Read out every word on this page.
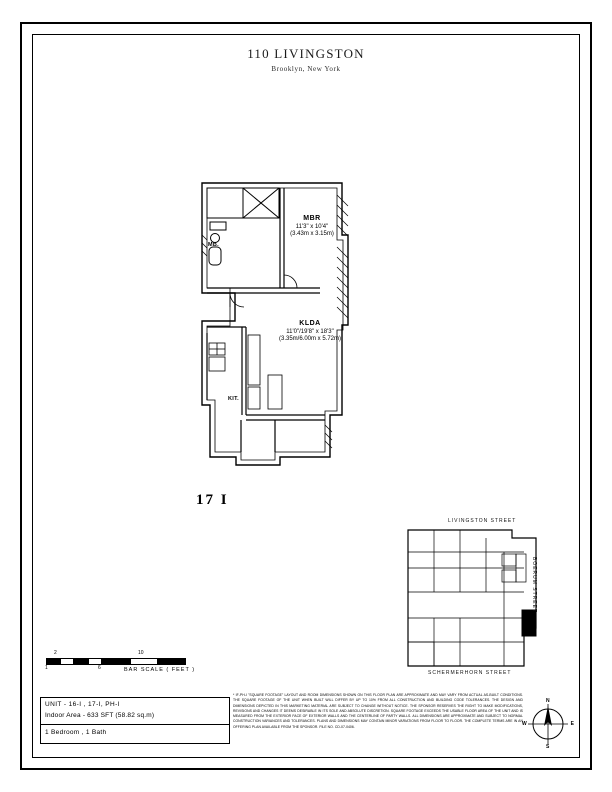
110 LIVINGSTON
Brooklyn, New York
MBR
11'3" x 10'4"
(3.43m x 3.15m)
KLDA
11'0"/19'8" x 18'3"
(3.35m/6.00m x 5.72m)
MB.
KIT.
17 I
2	10
1	6	BAR SCALE ( FEET )
LIVINGSTON STREET
BOERUM STREET
SCHERMERHORN STREET
UNIT - 16-I , 17-I, PH-I
Indoor Area - 633 SFT (58.82 sq.m)
1 Bedroom , 1 Bath
* IF-PH-I "SQUARE FOOTAGE" LAYOUT AND ROOM DIMENSIONS SHOWN ON THIS FLOOR PLAN ARE APPROXIMATE AND MAY VARY FROM ACTUAL AS-BUILT CONDITIONS. THE SQUARE FOOTAGE OF THE UNIT WHEN BUILT WILL DIFFER BY UP TO 10% FROM ALL CONSTRUCTION AND BUILDING CODE TOLERANCES. THE DESIGN AND DIMENSIONS DEPICTED IN THIS MARKETING MATERIAL ARE SUBJECT TO CHANGE WITHOUT NOTICE. THE SPONSOR RESERVES THE RIGHT TO MAKE MODIFICATIONS, REVISIONS AND CHANGES IT DEEMS DESIRABLE IN ITS SOLE AND ABSOLUTE DISCRETION. SQUARE FOOTAGE EXCEEDS THE USABLE FLOOR AREA OF THE UNIT AND IS MEASURED FROM THE EXTERIOR FACE OF EXTERIOR WALLS AND THE CENTERLINE OF PARTY WALLS. ALL DIMENSIONS ARE APPROXIMATE AND SUBJECT TO NORMAL CONSTRUCTION VARIANCES AND TOLERANCES. PLANS AND DIMENSIONS MAY CONTAIN MINOR VARIATIONS FROM FLOOR TO FLOOR. THE COMPLETE TERMS ARE IN AN OFFERING PLAN AVAILABLE FROM THE SPONSOR. FILE NO. CD-07-0406.
N
S
E
W
